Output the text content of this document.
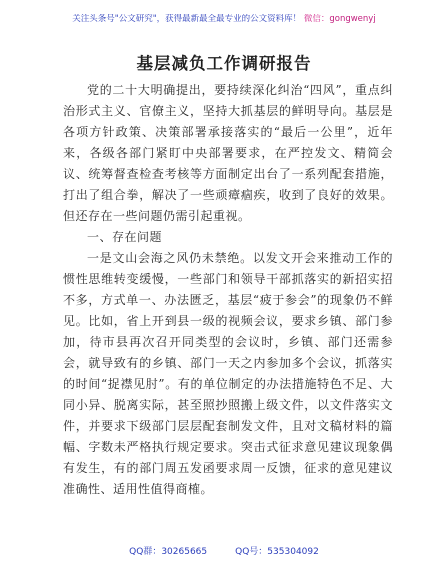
关注头条号"公文研究"，获得最新最全最专业的公文资料库！ 微信：gongwenyj
基层减负工作调研报告

党的二十大明确提出，要持续深化纠治“四风”，重点纠治形式主义、官僚主义，坚持大抓基层的鲜明导向。基层是各项方针政策、决策部署承接落实的“最后一公里”，近年来，各级各部门紧盯中央部署要求，在严控发文、精简会议、统筹督查检查考核等方面制定出台了一系列配套措施，打出了组合拳，解决了一些顽瘴痼疾，收到了良好的效果。但还存在一些问题仍需引起重视。

一、存在问题

一是文山会海之风仍未禁绝。以发文开会来推动工作的惯性思维转变缓慢，一些部门和领导干部抓落实的新招实招不多，方式单一、办法匮乏，基层“疲于参会”的现象仍不鲜见。比如，省上开到县一级的视频会议，要求乡镇、部门参加，待市县再次召开同类型的会议时，乡镇、部门还需参会，就导致有的乡镇、部门一天之内参加多个会议，抓落实的时间“捉襟见肘”。有的单位制定的办法措施特色不足、大同小异、脱离实际，甚至照抄照搬上级文件，以文件落实文件，并要求下级部门层层配套制发文件，且对文稿材料的篇幅、字数未严格执行规定要求。突击式征求意见建议现象偶有发生，有的部门周五发函要求周一反馈，征求的意见建议准确性、适用性值得商榷。

QQ群：30265665	QQ号：535304092
